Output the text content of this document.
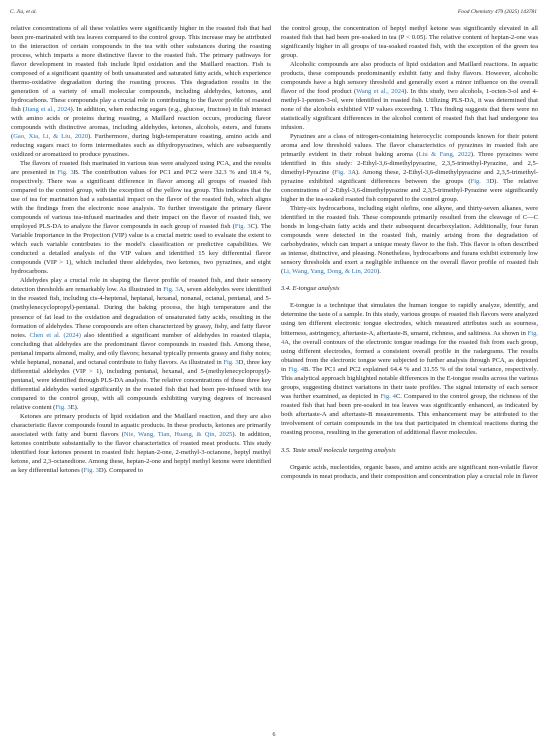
C. Jia, et al.	Food Chemistry 479 (2025) 143781

relative concentrations of all these volatiles were significantly higher in the roasted fish that had been pre-marinated with tea leaves compared to the control group. This increase may be attributed to the interaction of certain compounds in the tea with other substances during the roasting process, which imparts a more distinctive flavor to the roasted fish. The primary pathways for flavor development in roasted fish include lipid oxidation and the Maillard reaction. Fish is composed of a significant quantity of both unsaturated and saturated fatty acids, which experience thermo-oxidative degradation during the roasting process. This degradation results in the generation of a variety of small molecular compounds, including aldehydes, ketones, and hydrocarbons. These compounds play a crucial role in contributing to the flavor profile of roasted fish (Jiang et al., 2024). In addition, when reducing sugars (e.g., glucose, fructose) in fish interact with amino acids or proteins during roasting, a Maillard reaction occurs, producing flavor compounds with distinctive aromas, including aldehydes, ketones, alcohols, esters, and furans (Gao, Xia, Li, & Liu, 2020). Furthermore, during high-temperature roasting, amino acids and reducing sugars react to form intermediates such as dihydropyrazines, which are subsequently oxidized or aromatized to produce pyrazines.

The flavors of roasted fish marinated in various teas were analyzed using PCA, and the results are presented in Fig. 3B. The contribution values for PC1 and PC2 were 32.3 % and 18.4 %, respectively. There was a significant difference in flavor among all groups of roasted fish compared to the control group, with the exception of the yellow tea group. This indicates that the use of tea for marination had a substantial impact on the flavor of the roasted fish, which aligns with the findings from the electronic nose analysis. To further investigate the primary flavor compounds of various tea-infused marinades and their impact on the flavor of roasted fish, we employed PLS-DA to analyze the flavor compounds in each group of roasted fish (Fig. 3C). The Variable Importance in the Projection (VIP) value is a crucial metric used to evaluate the extent to which each variable contributes to the model's classification or predictive capabilities. We conducted a detailed analysis of the VIP values and identified 15 key differential flavor compounds (VIP > 1), which included three aldehydes, two ketones, two pyrazines, and eight hydrocarbons.

Aldehydes play a crucial role in shaping the flavor profile of roasted fish, and their sensory detection thresholds are remarkably low. As illustrated in Fig. 3A, seven aldehydes were identified in the roasted fish, including cis-4-heptenal, heptanal, hexanal, nonanal, octanal, pentanal, and 5-(methylenecyclopropyl)-pentanal. During the baking process, the high temperature and the presence of fat lead to the oxidation and degradation of unsaturated fatty acids, resulting in the formation of aldehydes. These compounds are often characterized by grassy, fishy, and fatty flavor notes. Chen et al. (2024) also identified a significant number of aldehydes in roasted tilapia, concluding that aldehydes are the predominant flavor compounds in roasted fish. Among these, pentanal imparts almond, malty, and oily flavors; hexanal typically presents grassy and fishy notes; while heptanal, nonanal, and octanal contribute to fishy flavors. As illustrated in Fig. 3D, three key differential aldehydes (VIP > 1), including pentanal, hexanal, and 5-(methylenecyclopropyl)-pentanal, were identified through PLS-DA analysis. The relative concentrations of these three key differential aldehydes varied significantly in the roasted fish that had been pre-infused with tea compared to the control group, with all compounds exhibiting varying degrees of increased relative content (Fig. 3E).

Ketones are primary products of lipid oxidation and the Maillard reaction, and they are also characteristic flavor compounds found in aquatic products. In these products, ketones are primarily associated with fatty and burnt flavors (Nie, Wang, Tian, Huang, & Qin, 2025). In addition, ketones contribute substantially to the flavor characteristics of roasted meat products. This study identified four ketones present in roasted fish: heptan-2-one, 2-methyl-3-octanone, heptyl methyl ketone, and 2,3-octanedione. Among these, heptan-2-one and heptyl methyl ketone were identified as key differential ketones (Fig. 3D). Compared to

the control group, the concentration of heptyl methyl ketone was significantly elevated in all roasted fish that had been pre-soaked in tea (P < 0.05). The relative content of heptan-2-one was significantly higher in all groups of tea-soaked roasted fish, with the exception of the green tea group.

Alcoholic compounds are also products of lipid oxidation and Maillard reactions. In aquatic products, these compounds predominantly exhibit fatty and fishy flavors. However, alcoholic compounds have a high sensory threshold and generally exert a minor influence on the overall flavor of the food product (Wang et al., 2024). In this study, two alcohols, 1-octen-3-ol and 4-methyl-1-penten-3-ol, were identified in roasted fish. Utilizing PLS-DA, it was determined that none of the alcohols exhibited VIP values exceeding 1. This finding suggests that there were no statistically significant differences in the alcohol content of roasted fish that had undergone tea infusion.

Pyrazines are a class of nitrogen-containing heterocyclic compounds known for their potent aroma and low threshold values. The flavor characteristics of pyrazines in roasted fish are primarily evident in their robust baking aroma (Liu & Fang, 2022). Three pyrazines were identified in this study: 2-Ethyl-3,6-dimethylpyrazine, 2,3,5-trimethyl-Pyrazine, and 2,5-dimethyl-Pyrazine (Fig. 3A). Among these, 2-Ethyl-3,6-dimethylpyrazine and 2,3,5-trimethyl-pyrazine exhibited significant differences between the groups (Fig. 3D). The relative concentrations of 2-Ethyl-3,6-dimethylpyrazine and 2,3,5-trimethyl-Pyrazine were significantly higher in the tea-soaked roasted fish compared to the control group.

Thirty-six hydrocarbons, including eight olefins, one alkyne, and thirty-seven alkanes, were identified in the roasted fish. These compounds primarily resulted from the cleavage of C—C bonds in long-chain fatty acids and their subsequent decarboxylation. Additionally, four furan compounds were detected in the roasted fish, mainly arising from the degradation of carbohydrates, which can impart a unique meaty flavor to the fish. This flavor is often described as intense, distinctive, and pleasing. Nonetheless, hydrocarbons and furans exhibit extremely low sensory thresholds and exert a negligible influence on the overall flavor profile of roasted fish (Li, Wang, Yang, Dong, & Lin, 2020).

3.4. E-tongue analysis

E-tongue is a technique that simulates the human tongue to rapidly analyze, identify, and determine the taste of a sample. In this study, various groups of roasted fish flavors were analyzed using ten different electronic tongue electrodes, which measured attributes such as sourness, bitterness, astringency, aftertaste-A, aftertaste-B, umami, richness, and saltiness. As shown in Fig. 4A, the overall contours of the electronic tongue readings for the roasted fish from each group, using different electrodes, formed a consistent overall profile in the radargrams. The results obtained from the electronic tongue were subjected to further analysis through PCA, as depicted in Fig. 4B. The PC1 and PC2 explained 64.4 % and 31.55 % of the total variance, respectively. This analytical approach highlighted notable differences in the E-tongue results across the various groups, suggesting distinct variations in their taste profiles. The signal intensity of each sensor was further examined, as depicted in Fig. 4C. Compared to the control group, the richness of the roasted fish that had been pre-soaked in tea leaves was significantly enhanced, as indicated by both aftertaste-A and aftertaste-B measurements. This enhancement may be attributed to the involvement of certain compounds in the tea that participated in chemical reactions during the roasting process, resulting in the generation of additional flavor molecules.

3.5. Taste small molecule targeting analysis

Organic acids, nucleotides, organic bases, and amino acids are significant non-volatile flavor compounds in meat products, and their composition and concentration play a crucial role in flavor

6
